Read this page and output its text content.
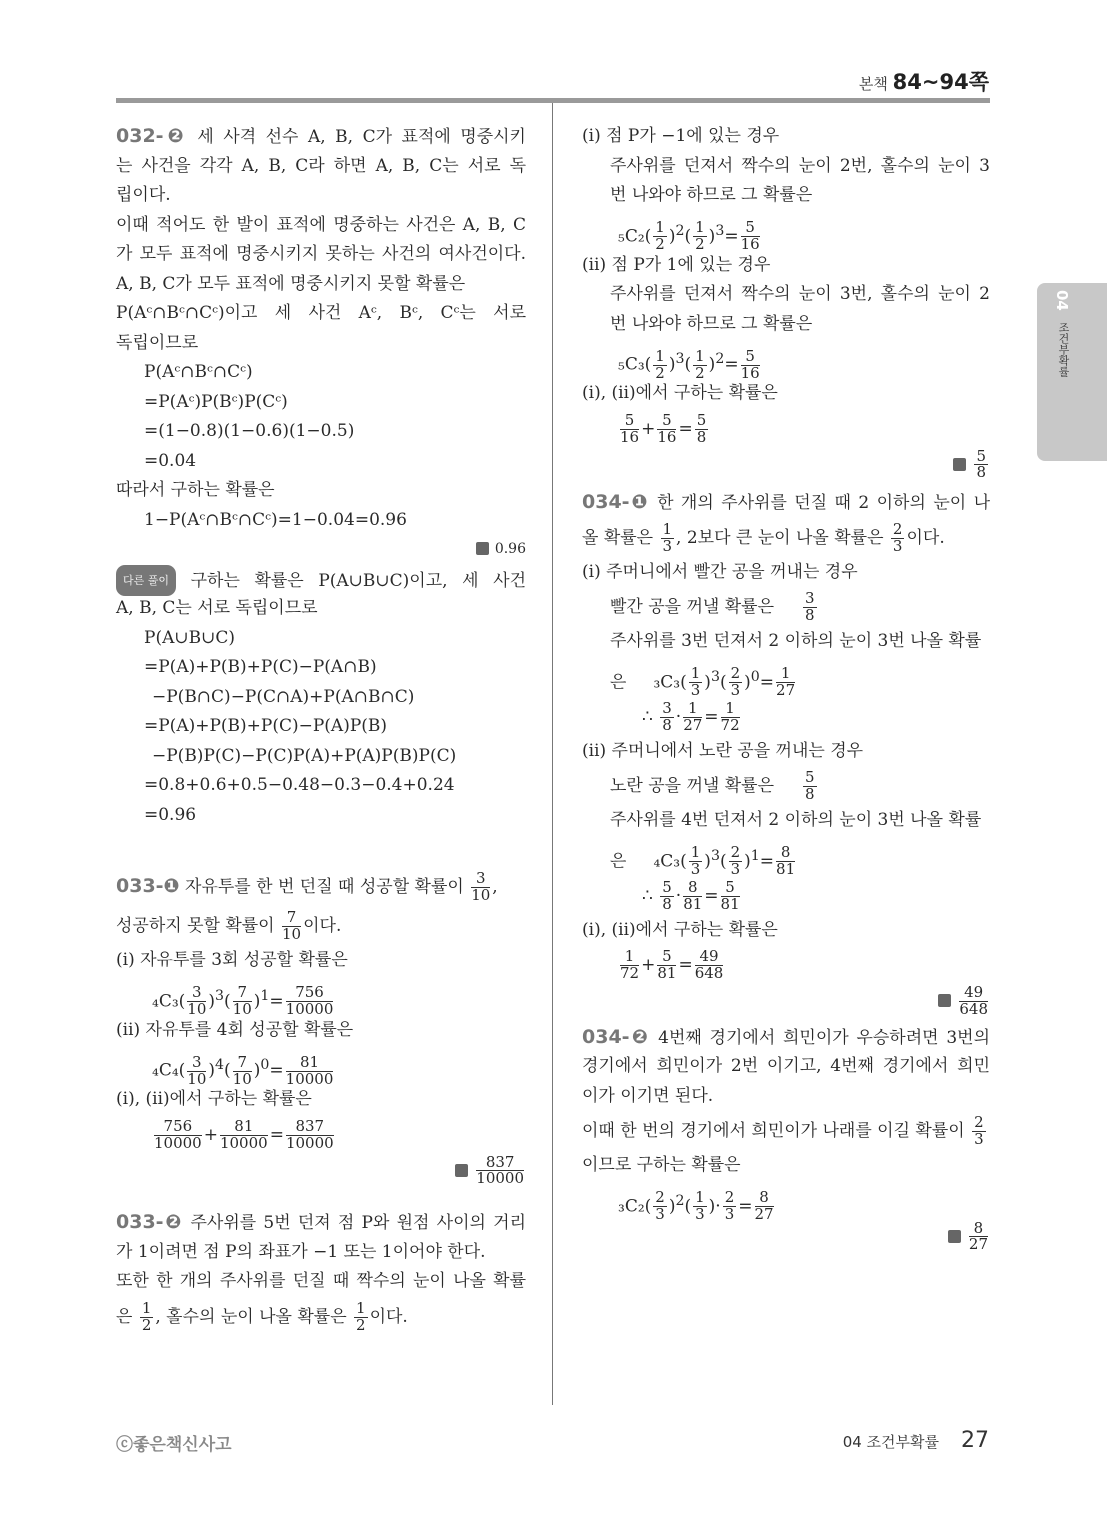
본책 84~94쪽
04
조건부확률
032-❷ 세 사격 선수 A, B, C가 표적에 명중시키
는 사건을 각각 A, B, C라 하면 A, B, C는 서로 독
립이다.
이때 적어도 한 발이 표적에 명중하는 사건은 A, B, C
가 모두 표적에 명중시키지 못하는 사건의 여사건이다.
A, B, C가 모두 표적에 명중시키지 못할 확률은
P(Aᶜ∩Bᶜ∩Cᶜ)이고 세 사건 Aᶜ, Bᶜ, Cᶜ는 서로
독립이므로
P(Aᶜ∩Bᶜ∩Cᶜ)
=P(Aᶜ)P(Bᶜ)P(Cᶜ)
=(1−0.8)(1−0.6)(1−0.5)
=0.04
따라서 구하는 확률은
1−P(Aᶜ∩Bᶜ∩Cᶜ)=1−0.04=0.96
0.96
다른 풀이 구하는 확률은 P(A∪B∪C)이고, 세 사건
A, B, C는 서로 독립이므로
P(A∪B∪C)
=P(A)+P(B)+P(C)−P(A∩B)
−P(B∩C)−P(C∩A)+P(A∩B∩C)
=P(A)+P(B)+P(C)−P(A)P(B)
−P(B)P(C)−P(C)P(A)+P(A)P(B)P(C)
=0.8+0.6+0.5−0.48−0.3−0.4+0.24
=0.96
033-❶ 자유투를 한 번 던질 때 성공할 확률이 $\frac{3}{10}$ ,
성공하지 못할 확률이 $\frac{7}{10}$ 이다.
(ⅰ) 자유투를 3회 성공할 확률은
$_4C_3( \frac{3}{10} )^3( \frac{7}{10} )^1= \frac{756}{10000}$
(ⅱ) 자유투를 4회 성공할 확률은
$_4C_4( \frac{3}{10} )^4( \frac{7}{10} )^0= \frac{81}{10000}$
(ⅰ), (ⅱ)에서 구하는 확률은
$\frac{756}{10000} + \frac{81}{10000} = \frac{837}{10000}$
$\frac{837}{10000}$
033-❷ 주사위를 5번 던져 점 P와 원점 사이의 거리
가 1이려면 점 P의 좌표가 −1 또는 1이어야 한다.
또한 한 개의 주사위를 던질 때 짝수의 눈이 나올 확률
은 $\frac{1}{2}$ , 홀수의 눈이 나올 확률은 $\frac{1}{2}$ 이다.
(ⅰ) 점 P가 −1에 있는 경우
주사위를 던져서 짝수의 눈이 2번, 홀수의 눈이 3
번 나와야 하므로 그 확률은
$_5C_2( \frac{1}{2} )^2( \frac{1}{2} )^3= \frac{5}{16}$
(ⅱ) 점 P가 1에 있는 경우
주사위를 던져서 짝수의 눈이 3번, 홀수의 눈이 2
번 나와야 하므로 그 확률은
$_5C_3( \frac{1}{2} )^3( \frac{1}{2} )^2= \frac{5}{16}$
(ⅰ), (ⅱ)에서 구하는 확률은
$\frac{5}{16} + \frac{5}{16} = \frac{5}{8}$
$\frac{5}{8}$
034-❶ 한 개의 주사위를 던질 때 2 이하의 눈이 나
올 확률은 $\frac{1}{3}$ , 2보다 큰 눈이 나올 확률은 $\frac{2}{3}$ 이다.
(ⅰ) 주머니에서 빨간 공을 꺼내는 경우
빨간 공을 꺼낼 확률은 $\frac{3}{8}$
주사위를 3번 던져서 2 이하의 눈이 3번 나올 확률
은 $_3C_3( \frac{1}{3} )^3( \frac{2}{3} )^0= \frac{1}{27}$
∴ $\frac{3}{8} \cdot \frac{1}{27} = \frac{1}{72}$
(ⅱ) 주머니에서 노란 공을 꺼내는 경우
노란 공을 꺼낼 확률은 $\frac{5}{8}$
주사위를 4번 던져서 2 이하의 눈이 3번 나올 확률
은 $_4C_3( \frac{1}{3} )^3( \frac{2}{3} )^1= \frac{8}{81}$
∴ $\frac{5}{8} \cdot \frac{8}{81} = \frac{5}{81}$
(ⅰ), (ⅱ)에서 구하는 확률은
$\frac{1}{72} + \frac{5}{81} = \frac{49}{648}$
$\frac{49}{648}$
034-❷ 4번째 경기에서 희민이가 우승하려면 3번의
경기에서 희민이가 2번 이기고, 4번째 경기에서 희민
이가 이기면 된다.
이때 한 번의 경기에서 희민이가 나래를 이길 확률이 $\frac{2}{3}$
이므로 구하는 확률은
$_3C_2( \frac{2}{3} )^2( \frac{1}{3}$ )· $\frac{2}{3} = \frac{8}{27}$
$\frac{8}{27}$
ⓒ좋은책신사고	04 조건부확률 27
